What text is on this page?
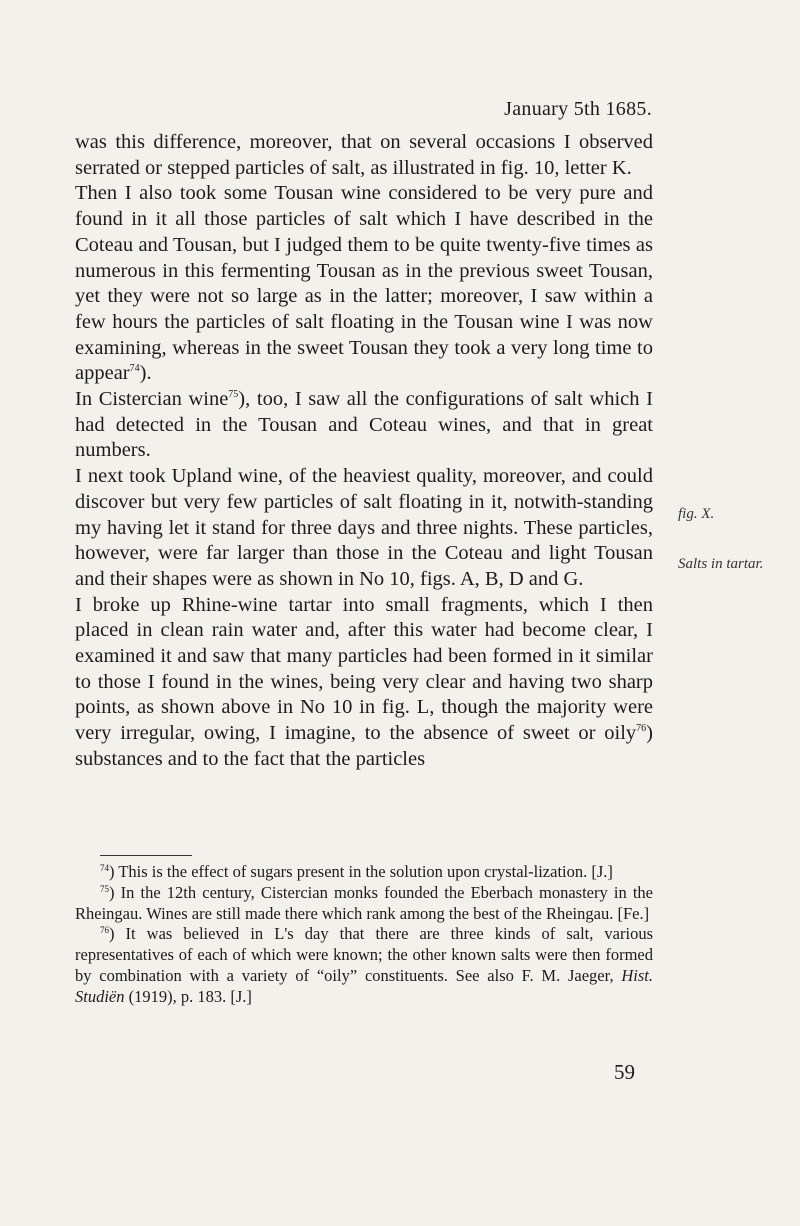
January 5th 1685.

was this difference, moreover, that on several occasions I observed serrated or stepped particles of salt, as illustrated in fig. 10, letter K.

Then I also took some Tousan wine considered to be very pure and found in it all those particles of salt which I have described in the Coteau and Tousan, but I judged them to be quite twenty-five times as numerous in this fermenting Tousan as in the previous sweet Tousan, yet they were not so large as in the latter; moreover, I saw within a few hours the particles of salt floating in the Tousan wine I was now examining, whereas in the sweet Tousan they took a very long time to appear$^{74}$).

In Cistercian wine$^{75}$), too, I saw all the configurations of salt which I had detected in the Tousan and Coteau wines, and that in great numbers.

I next took Upland wine, of the heaviest quality, moreover, and could discover but very few particles of salt floating in it, notwith-standing my having let it stand for three days and three nights. These particles, however, were far larger than those in the Coteau and light Tousan and their shapes were as shown in No 10, figs. A, B, D and G.

I broke up Rhine-wine tartar into small fragments, which I then placed in clean rain water and, after this water had become clear, I examined it and saw that many particles had been formed in it similar to those I found in the wines, being very clear and having two sharp points, as shown above in No 10 in fig. L, though the majority were very irregular, owing, I imagine, to the absence of sweet or oily$^{76}$) substances and to the fact that the particles

fig. X.
Salts in tartar.

$^{74}$) This is the effect of sugars present in the solution upon crystal-lization. [J.]

$^{75}$) In the 12th century, Cistercian monks founded the Eberbach monastery in the Rheingau. Wines are still made there which rank among the best of the Rheingau. [Fe.]

$^{76}$) It was believed in L's day that there are three kinds of salt, various representatives of each of which were known; the other known salts were then formed by combination with a variety of “oily” constituents. See also F. M. Jaeger, Hist. Studiën (1919), p. 183. [J.]

59
